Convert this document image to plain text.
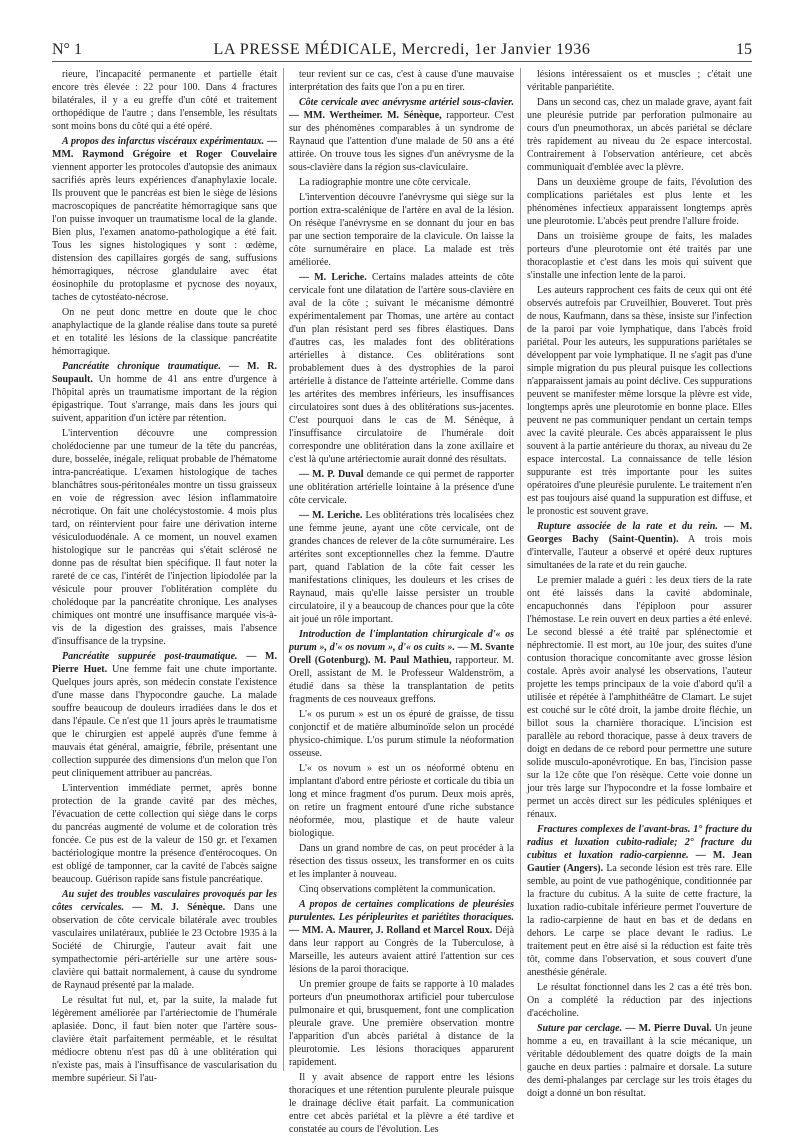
N° 1	LA PRESSE MÉDICALE, Mercredi, 1er Janvier 1936	15

rieure, l'incapacité permanente et partielle était encore très élevée : 22 pour 100. Dans 4 fractures bilatérales, il y a eu greffe d'un côté et traitement orthopédique de l'autre ; dans l'ensemble, les résultats sont moins bons du côté qui a été opéré.

A propos des infarctus viscéraux expérimentaux. — MM. Raymond Grégoire et Roger Couvelaire viennent apporter les protocoles d'autopsie des animaux sacrifiés après leurs expériences d'anaphylaxie locale. Ils prouvent que le pancréas est bien le siège de lésions macroscopiques de pancréatite hémorragique sans que l'on puisse invoquer un traumatisme local de la glande. Bien plus, l'examen anatomo-pathologique a été fait. Tous les signes histologiques y sont : œdème, distension des capillaires gorgés de sang, suffusions hémorragiques, nécrose glandulaire avec état éosinophile du protoplasme et pycnose des noyaux, taches de cytostéato-nécrose.

On ne peut donc mettre en doute que le choc anaphylactique de la glande réalise dans toute sa pureté et en totalité les lésions de la classique pancréatite hémorragique.

Pancréatite chronique traumatique. — M. R. Soupault. Un homme de 41 ans entre d'urgence à l'hôpital après un traumatisme important de la région épigastrique. Tout s'arrange, mais dans les jours qui suivent, apparition d'un ictère par rétention.

L'intervention découvre une compression cholédocienne par une tumeur de la tête du pancréas, dure, bosselée, inégale, reliquat probable de l'hématome intra-pancréatique. L'examen histologique de taches blanchâtres sous-péritonéales montre un tissu graisseux en voie de régression avec lésion inflammatoire nécrotique. On fait une cholécystostomie. 4 mois plus tard, on réintervient pour faire une dérivation interne vésiculoduodénale. A ce moment, un nouvel examen histologique sur le pancréas qui s'était sclérosé ne donne pas de résultat bien spécifique. Il faut noter la rareté de ce cas, l'intérêt de l'injection lipiodolée par la vésicule pour prouver l'oblitération complète du cholédoque par la pancréatite chronique. Les analyses chimiques ont montré une insuffisance marquée vis-à-vis de la digestion des graisses, mais l'absence d'insuffisance de la trypsine.

Pancréatite suppurée post-traumatique. — M. Pierre Huet. Une femme fait une chute importante. Quelques jours après, son médecin constate l'existence d'une masse dans l'hypocondre gauche. La malade souffre beaucoup de douleurs irradiées dans le dos et dans l'épaule. Ce n'est que 11 jours après le traumatisme que le chirurgien est appelé auprès d'une femme à mauvais état général, amaigrie, fébrile, présentant une collection suppurée des dimensions d'un melon que l'on peut cliniquement attribuer au pancréas.

L'intervention immédiate permet, après bonne protection de la grande cavité par des mèches, l'évacuation de cette collection qui siège dans le corps du pancréas augmenté de volume et de coloration très foncée. Ce pus est de la valeur de 150 gr. et l'examen bactériologique montre la présence d'entérocoques. On est obligé de tamponner, car la cavité de l'abcès saigne beaucoup. Guérison rapide sans fistule pancréatique.

Au sujet des troubles vasculaires provoqués par les côtes cervicales. — M. J. Sénèque. Dans une observation de côte cervicale bilatérale avec troubles vasculaires unilatéraux, publiée le 23 Octobre 1935 à la Société de Chirurgie, l'auteur avait fait une sympathectomie péri-artérielle sur une artère sous-clavière qui battait normalement, à cause du syndrome de Raynaud présenté par la malade.

Le résultat fut nul, et, par la suite, la malade fut légèrement améliorée par l'artériectomie de l'humérale aplasiée. Donc, il faut bien noter que l'artère sous-clavière était parfaitement perméable, et le résultat médiocre obtenu n'est pas dû à une oblitération qui n'existe pas, mais à l'insuffisance de vascularisation du membre supérieur. Si l'au-

teur revient sur ce cas, c'est à cause d'une mauvaise interprétation des faits que l'on a pu en tirer.

Côte cervicale avec anévrysme artériel sous-clavier. — MM. Wertheimer. M. Sénèque, rapporteur. C'est sur des phénomènes comparables à un syndrome de Raynaud que l'attention d'une malade de 50 ans a été attirée. On trouve tous les signes d'un anévrysme de la sous-clavière dans la région sus-claviculaire.

La radiographie montre une côte cervicale.

L'intervention découvre l'anévrysme qui siège sur la portion extra-scalénique de l'artère en aval de la lésion. On résèque l'anévrysme en se donnant du jour en bas par une section temporaire de la clavicule. On laisse la côte surnuméraire en place. La malade est très améliorée.

— M. Leriche. Certains malades atteints de côte cervicale font une dilatation de l'artère sous-clavière en aval de la côte ; suivant le mécanisme démontré expérimentalement par Thomas, une artère au contact d'un plan résistant perd ses fibres élastiques. Dans d'autres cas, les malades font des oblitérations artérielles à distance. Ces oblitérations sont probablement dues à des dystrophies de la paroi artérielle à distance de l'atteinte artérielle. Comme dans les artérites des membres inférieurs, les insuffisances circulatoires sont dues à des oblitérations sus-jacentes. C'est pourquoi dans le cas de M. Sénèque, à l'insuffisance circulatoire de l'humérale doit correspondre une oblitération dans la zone axillaire et c'est là qu'une artériectomie aurait donné des résultats.

— M. P. Duval demande ce qui permet de rapporter une oblitération artérielle lointaine à la présence d'une côte cervicale.

— M. Leriche. Les oblitérations très localisées chez une femme jeune, ayant une côte cervicale, ont de grandes chances de relever de la côte surnuméraire. Les artérites sont exceptionnelles chez la femme. D'autre part, quand l'ablation de la côte fait cesser les manifestations cliniques, les douleurs et les crises de Raynaud, mais qu'elle laisse persister un trouble circulatoire, il y a beaucoup de chances pour que la côte ait joué un rôle important.

Introduction de l'implantation chirurgicale d'« os purum », d'« os novum », d'« os cuits ». — M. Svante Orell (Gotenburg). M. Paul Mathieu, rapporteur. M. Orell, assistant de M. le Professeur Waldenström, a étudié dans sa thèse la transplantation de petits fragments de ces nouveaux greffons.

L'« os purum » est un os épuré de graisse, de tissu conjonctif et de matière albuminoïde selon un procédé physico-chimique. L'os purum stimule la néoformation osseuse.

L'« os novum » est un os néoformé obtenu en implantant d'abord entre périoste et corticale du tibia un long et mince fragment d'os purum. Deux mois après, on retire un fragment entouré d'une riche substance néoformée, mou, plastique et de haute valeur biologique.

Dans un grand nombre de cas, on peut procéder à la résection des tissus osseux, les transformer en os cuits et les implanter à nouveau.

Cinq observations complètent la communication.

A propos de certaines complications de pleurésies purulentes. Les péripleurites et pariétites thoraciques. — MM. A. Maurer, J. Rolland et Marcel Roux. Déjà dans leur rapport au Congrès de la Tuberculose, à Marseille, les auteurs avaient attiré l'attention sur ces lésions de la paroi thoracique.

Un premier groupe de faits se rapporte à 10 malades porteurs d'un pneumothorax artificiel pour tuberculose pulmonaire et qui, brusquement, font une complication pleurale grave. Une première observation montre l'apparition d'un abcès pariétal à distance de la pleurotomie. Les lésions thoraciques apparurent rapidement.

Il y avait absence de rapport entre les lésions thoraciques et une rétention purulente pleurale puisque le drainage déclive était parfait. La communication entre cet abcès pariétal et la plèvre a été tardive et constatée au cours de l'évolution. Les

lésions intéressaient os et muscles ; c'était une véritable panpariétite.

Dans un second cas, chez un malade grave, ayant fait une pleurésie putride par perforation pulmonaire au cours d'un pneumothorax, un abcès pariétal se déclare très rapidement au niveau du 2e espace intercostal. Contrairement à l'observation antérieure, cet abcès communiquait d'emblée avec la plèvre.

Dans un deuxième groupe de faits, l'évolution des complications pariétales est plus lente et les phénomènes infectieux apparaissent longtemps après une pleurotomie. L'abcès peut prendre l'allure froide.

Dans un troisième groupe de faits, les malades porteurs d'une pleurotomie ont été traités par une thoracoplastie et c'est dans les mois qui suivent que s'installe une infection lente de la paroi.

Les auteurs rapprochent ces faits de ceux qui ont été observés autrefois par Cruveilhier, Bouveret. Tout près de nous, Kaufmann, dans sa thèse, insiste sur l'infection de la paroi par voie lymphatique, dans l'abcès froid pariétal. Pour les auteurs, les suppurations pariétales se développent par voie lymphatique. Il ne s'agit pas d'une simple migration du pus pleural puisque les collections n'apparaissent jamais au point déclive. Ces suppurations peuvent se manifester même lorsque la plèvre est vide, longtemps après une pleurotomie en bonne place. Elles peuvent ne pas communiquer pendant un certain temps avec la cavité pleurale. Ces abcès apparaissent le plus souvent à la partie antérieure du thorax, au niveau du 2e espace intercostal. La connaissance de telle lésion suppurante est très importante pour les suites opératoires d'une pleurésie purulente. Le traitement n'en est pas toujours aisé quand la suppuration est diffuse, et le pronostic est souvent grave.

Rupture associée de la rate et du rein. — M. Georges Bachy (Saint-Quentin). A trois mois d'intervalle, l'auteur a observé et opéré deux ruptures simultanées de la rate et du rein gauche.

Le premier malade a guéri : les deux tiers de la rate ont été laissés dans la cavité abdominale, encapuchonnés dans l'épiploon pour assurer l'hémostase. Le rein ouvert en deux parties a été enlevé. Le second blessé a été traité par splénectomie et néphrectomie. Il est mort, au 10e jour, des suites d'une contusion thoracique concomitante avec grosse lésion costale. Après avoir analysé les observations, l'auteur projette les temps principaux de la voie d'abord qu'il a utilisée et répétée à l'amphithéâtre de Clamart. Le sujet est couché sur le côté droit, la jambe droite fléchie, un billot sous la charnière thoracique. L'incision est parallèle au rebord thoracique, passe à deux travers de doigt en dedans de ce rebord pour permettre une suture solide musculo-aponévrotique. En bas, l'incision passe sur la 12e côte que l'on résèque. Cette voie donne un jour très large sur l'hypocondre et la fosse lombaire et permet un accès direct sur les pédicules spléniques et rénaux.

Fractures complexes de l'avant-bras. 1° fracture du radius et luxation cubito-radiale; 2° fracture du cubitus et luxation radio-carpienne. — M. Jean Gautier (Angers). La seconde lésion est très rare. Elle semble, au point de vue pathogénique, conditionnée par la fracture du cubitus. A la suite de cette fracture, la luxation radio-cubitale inférieure permet l'ouverture de la radio-carpienne de haut en bas et de dedans en dehors. Le carpe se place devant le radius. Le traitement peut en être aisé si la réduction est faite très tôt, comme dans l'observation, et sous couvert d'une anesthésie générale.

Le résultat fonctionnel dans les 2 cas a été très bon. On a complété la réduction par des injections d'acécholine.

Suture par cerclage. — M. Pierre Duval. Un jeune homme a eu, en travaillant à la scie mécanique, un véritable dédoublement des quatre doigts de la main gauche en deux parties : palmaire et dorsale. La suture des demi-phalanges par cerclage sur les trois étages du doigt a donné un bon résultat.
